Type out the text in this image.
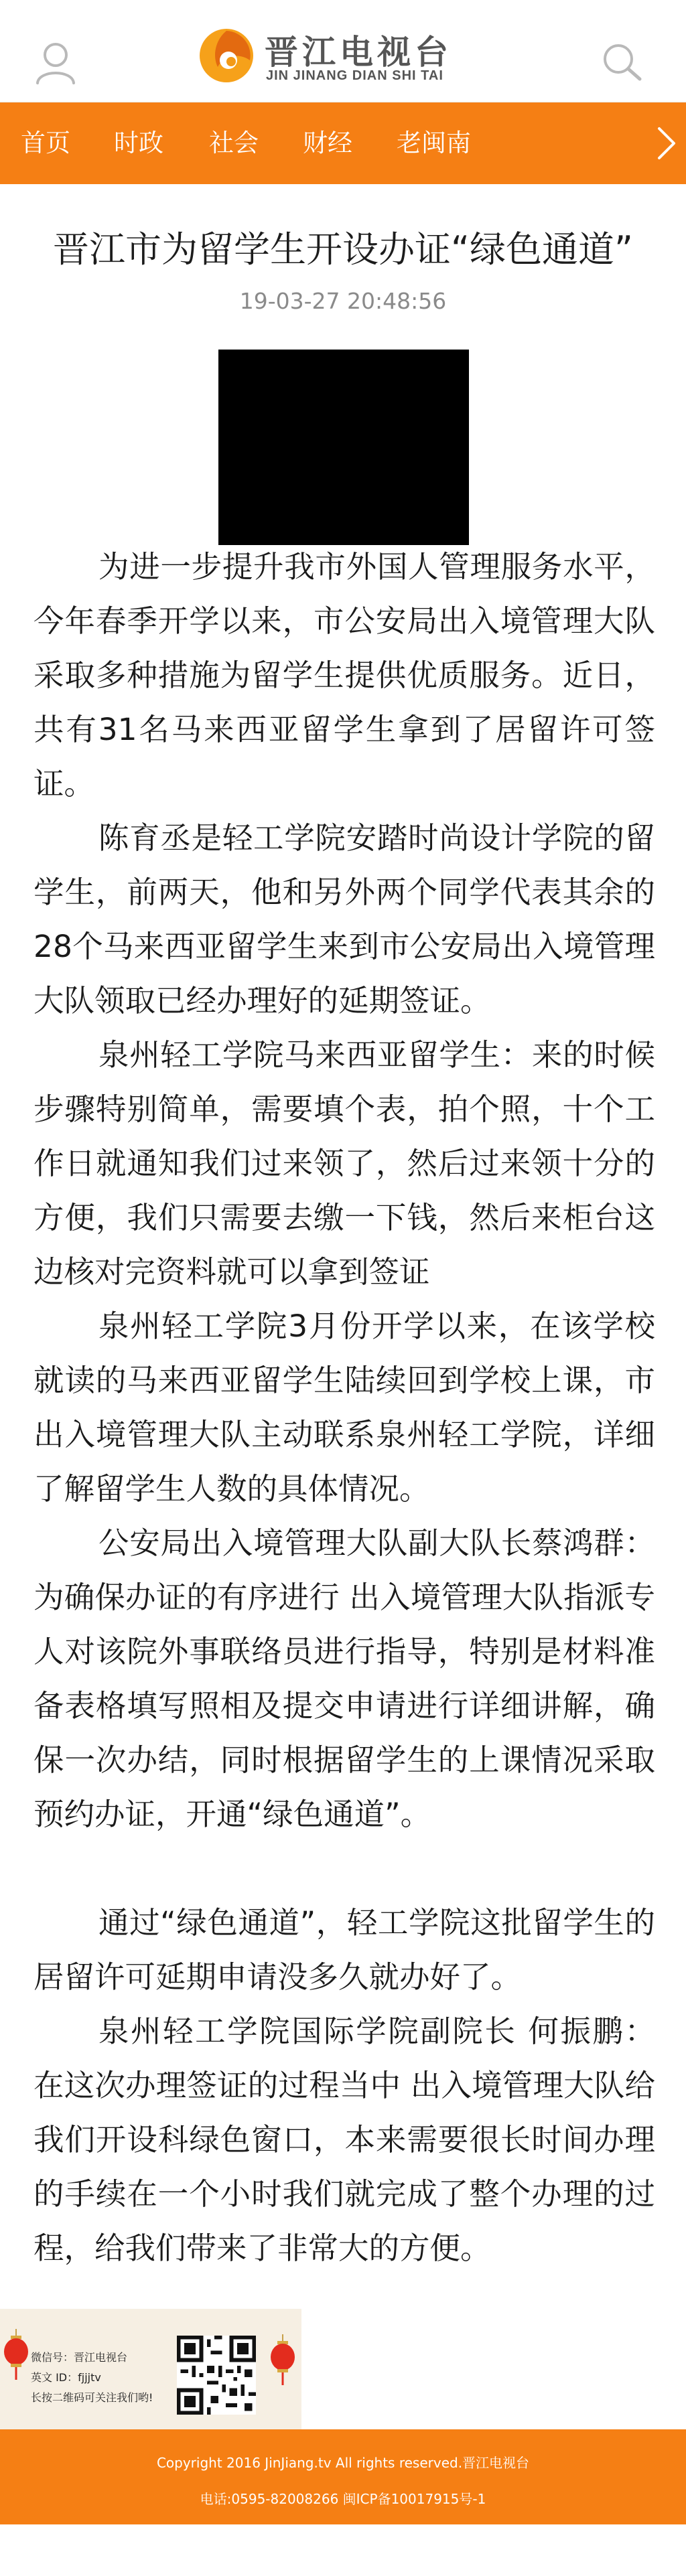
晋江电视台
JIN JINANG DIAN SHI TAI
首页 时政 社会 财经 老闽南
晋江市为留学生开设办证“绿色通道”
19-03-27 20:48:56

为进一步提升我市外国人管理服务水平，今年春季开学以来，市公安局出入境管理大队采取多种措施为留学生提供优质服务。近日，共有31名马来西亚留学生拿到了居留许可签证。

陈育丞是轻工学院安踏时尚设计学院的留学生，前两天，他和另外两个同学代表其余的28个马来西亚留学生来到市公安局出入境管理大队领取已经办理好的延期签证。

泉州轻工学院马来西亚留学生：来的时候步骤特别简单，需要填个表，拍个照，十个工作日就通知我们过来领了，然后过来领十分的方便，我们只需要去缴一下钱，然后来柜台这边核对完资料就可以拿到签证

泉州轻工学院3月份开学以来，在该学校就读的马来西亚留学生陆续回到学校上课，市出入境管理大队主动联系泉州轻工学院，详细了解留学生人数的具体情况。

公安局出入境管理大队副大队长蔡鸿群：为确保办证的有序进行 出入境管理大队指派专人对该院外事联络员进行指导，特别是材料准备表格填写照相及提交申请进行详细讲解，确保一次办结，同时根据留学生的上课情况采取预约办证，开通“绿色通道”。

通过“绿色通道”，轻工学院这批留学生的居留许可延期申请没多久就办好了。

泉州轻工学院国际学院副院长 何振鹏：在这次办理签证的过程当中 出入境管理大队给我们开设科绿色窗口，本来需要很长时间办理的手续在一个小时我们就完成了整个办理的过程，给我们带来了非常大的方便。

微信号：晋江电视台
英文 ID：fjjjtv
长按二维码可关注我们哟!
Copyright 2016 JinJiang.tv All rights reserved.晋江电视台
电话:0595-82008266 闽ICP备10017915号-1
